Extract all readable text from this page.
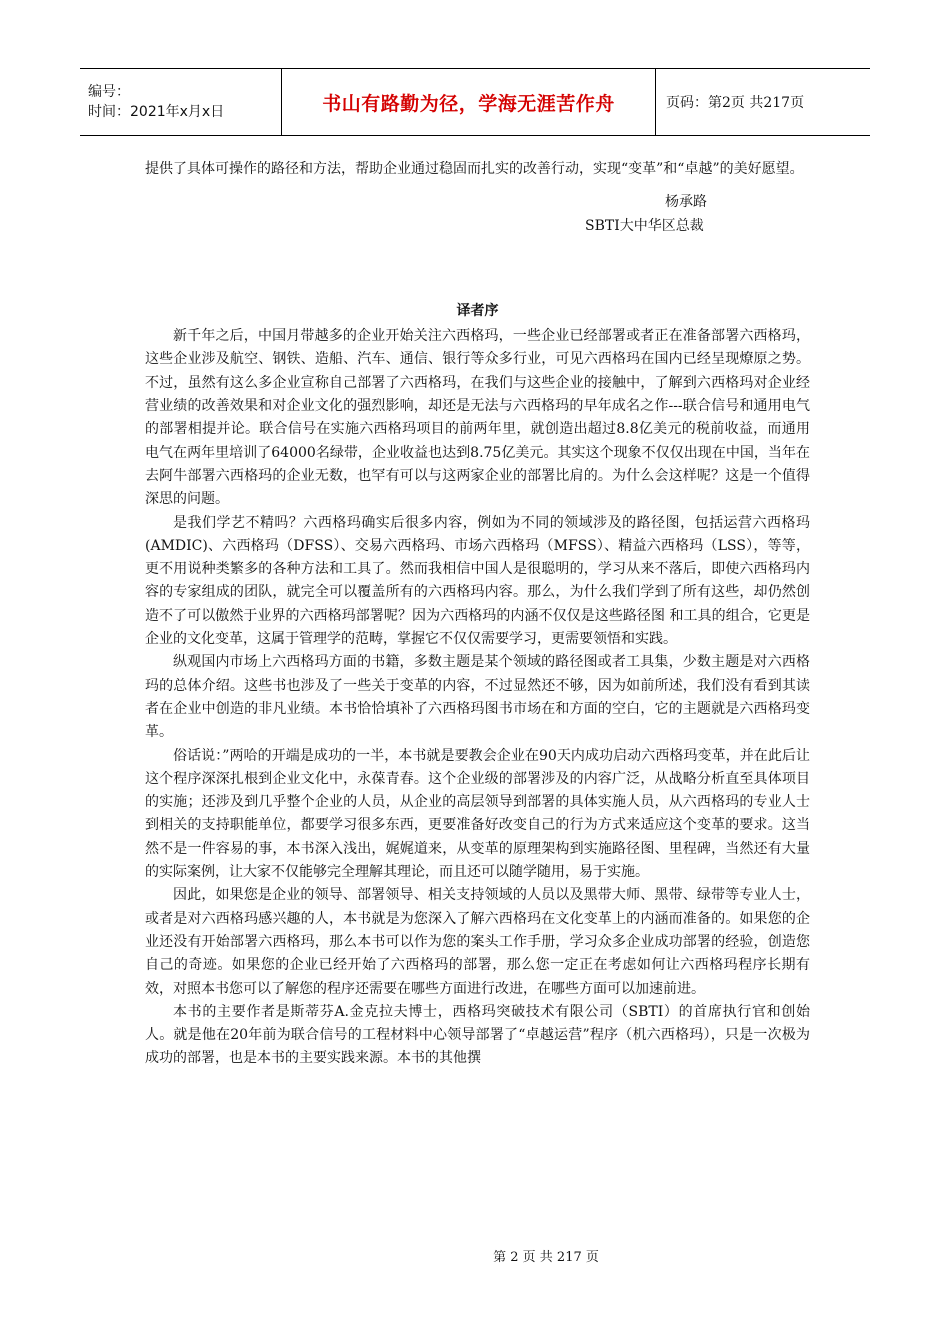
编号：
时间：2021年x月x日	书山有路勤为径，学海无涯苦作舟	页码：第2页 共217页

提供了具体可操作的路径和方法，帮助企业通过稳固而扎实的改善行动，实现“变革”和“卓越”的美好愿望。

杨承路

SBTI大中华区总裁

译者序

新千年之后，中国月带越多的企业开始关注六西格玛，一些企业已经部署或者正在准备部署六西格玛，这些企业涉及航空、钢铁、造船、汽车、通信、银行等众多行业，可见六西格玛在国内已经呈现燎原之势。不过，虽然有这么多企业宣称自己部署了六西格玛，在我们与这些企业的接触中，了解到六西格玛对企业经营业绩的改善效果和对企业文化的强烈影响，却还是无法与六西格玛的早年成名之作---联合信号和通用电气的部署相提并论。联合信号在实施六西格玛项目的前两年里，就创造出超过8.8亿美元的税前收益，而通用电气在两年里培训了64000名绿带，企业收益也达到8.75亿美元。其实这个现象不仅仅出现在中国，当年在去阿牛部署六西格玛的企业无数，也罕有可以与这两家企业的部署比肩的。为什么会这样呢？这是一个值得深思的问题。

是我们学艺不精吗？六西格玛确实后很多内容，例如为不同的领域涉及的路径图，包括运营六西格玛(AMDIC)、六西格玛（DFSS）、交易六西格玛、市场六西格玛（MFSS）、精益六西格玛（LSS），等等，更不用说种类繁多的各种方法和工具了。然而我相信中国人是很聪明的，学习从来不落后，即使六西格玛内容的专家组成的团队，就完全可以覆盖所有的六西格玛内容。那么，为什么我们学到了所有这些，却仍然创造不了可以傲然于业界的六西格玛部署呢？因为六西格玛的内涵不仅仅是这些路径图 和工具的组合，它更是企业的文化变革，这属于管理学的范畴，掌握它不仅仅需要学习，更需要领悟和实践。

纵观国内市场上六西格玛方面的书籍，多数主题是某个领域的路径图或者工具集，少数主题是对六西格玛的总体介绍。这些书也涉及了一些关于变革的内容，不过显然还不够，因为如前所述，我们没有看到其读者在企业中创造的非凡业绩。本书恰恰填补了六西格玛图书市场在和方面的空白，它的主题就是六西格玛变革。

俗话说：”两哈的开端是成功的一半，本书就是要教会企业在90天内成功启动六西格玛变革，并在此后让这个程序深深扎根到企业文化中，永葆青春。这个企业级的部署涉及的内容广泛，从战略分析直至具体项目的实施；还涉及到几乎整个企业的人员，从企业的高层领导到部署的具体实施人员，从六西格玛的专业人士到相关的支持职能单位，都要学习很多东西，更要准备好改变自己的行为方式来适应这个变革的要求。这当然不是一件容易的事，本书深入浅出，娓娓道来，从变革的原理架构到实施路径图、里程碑，当然还有大量的实际案例，让大家不仅能够完全理解其理论，而且还可以随学随用，易于实施。

因此，如果您是企业的领导、部署领导、相关支持领域的人员以及黑带大师、黑带、绿带等专业人士，或者是对六西格玛感兴趣的人，本书就是为您深入了解六西格玛在文化变革上的内涵而准备的。如果您的企业还没有开始部署六西格玛，那么本书可以作为您的案头工作手册，学习众多企业成功部署的经验，创造您自己的奇迹。如果您的企业已经开始了六西格玛的部署，那么您一定正在考虑如何让六西格玛程序长期有效，对照本书您可以了解您的程序还需要在哪些方面进行改进，在哪些方面可以加速前进。

本书的主要作者是斯蒂芬A.金克拉夫博士，西格玛突破技术有限公司（SBTI）的首席执行官和创始人。就是他在20年前为联合信号的工程材料中心领导部署了“卓越运营”程序（机六西格玛），只是一次极为成功的部署，也是本书的主要实践来源。本书的其他撰

第 2 页 共 217 页
